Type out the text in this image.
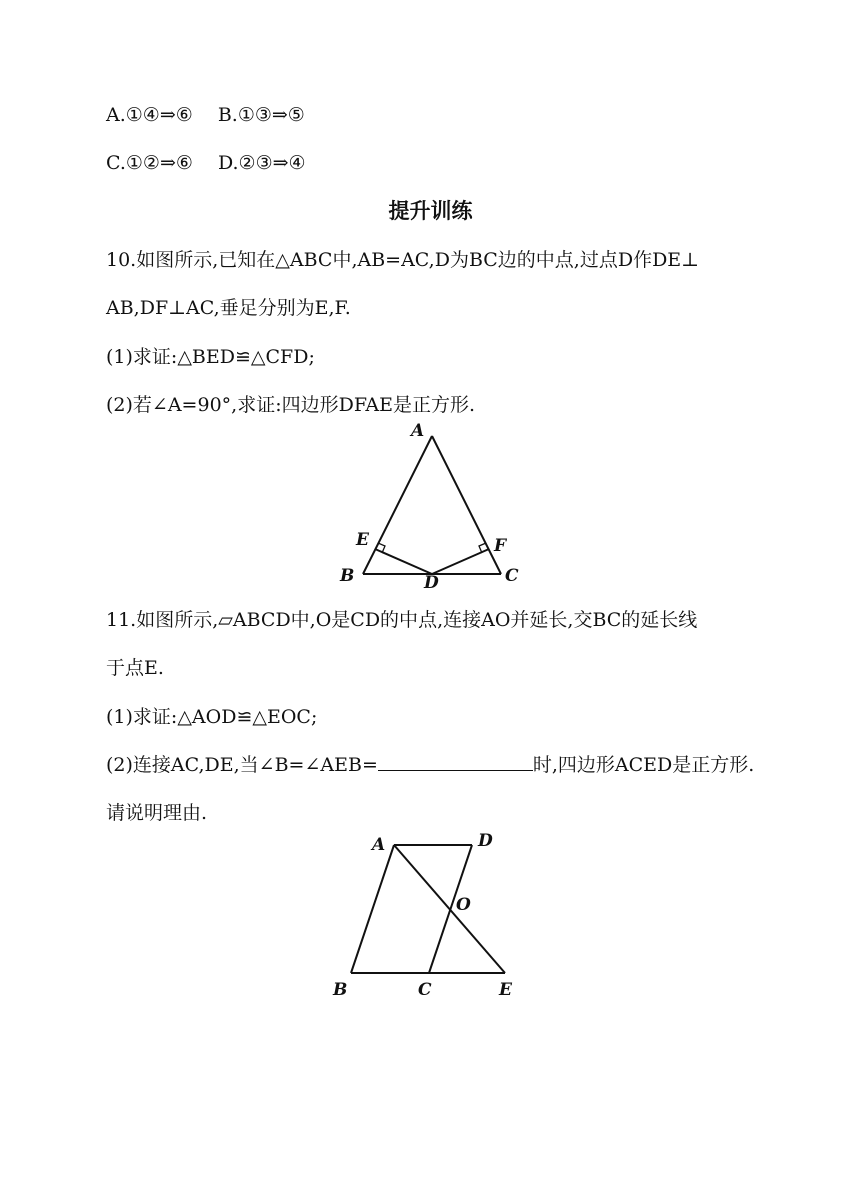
A.①④⇒⑥　 B.①③⇒⑤
C.①②⇒⑥　 D.②③⇒④
提升训练
10.如图所示,已知在△ABC中,AB=AC,D为BC边的中点,过点D作DE⊥
AB,DF⊥AC,垂足分别为E,F.
(1)求证:△BED≌△CFD;
(2)若∠A=90°,求证:四边形DFAE是正方形.
A
B	C
D
E	F
A	D
O
B	C	E
11.如图所示,▱ABCD中,O是CD的中点,连接AO并延长,交BC的延长线
于点E.
(1)求证:△AOD≌△EOC;
(2)连接AC,DE,当∠B=∠AEB=	时,四边形ACED是正方形.
请说明理由.
